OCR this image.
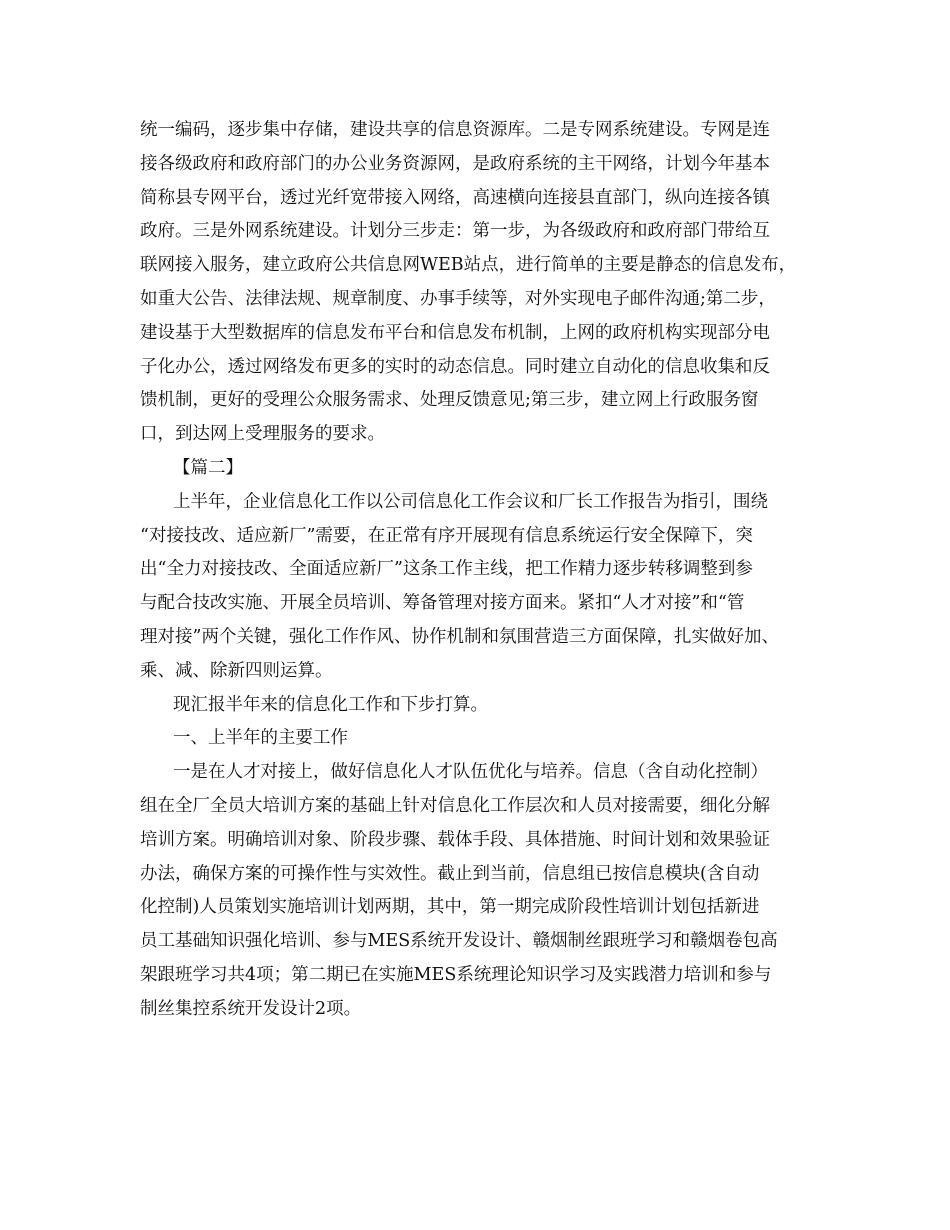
统一编码，逐步集中存储，建设共享的信息资源库。二是专网系统建设。专网是连
接各级政府和政府部门的办公业务资源网，是政府系统的主干网络，计划今年基本
简称县专网平台，透过光纤宽带接入网络，高速横向连接县直部门，纵向连接各镇
政府。三是外网系统建设。计划分三步走：第一步，为各级政府和政府部门带给互
联网接入服务，建立政府公共信息网WEB站点，进行简单的主要是静态的信息发布，
如重大公告、法律法规、规章制度、办事手续等，对外实现电子邮件沟通;第二步，
建设基于大型数据库的信息发布平台和信息发布机制，上网的政府机构实现部分电
子化办公，透过网络发布更多的实时的动态信息。同时建立自动化的信息收集和反
馈机制，更好的受理公众服务需求、处理反馈意见;第三步，建立网上行政服务窗
口，到达网上受理服务的要求。
【篇二】
上半年，企业信息化工作以公司信息化工作会议和厂长工作报告为指引，围绕
“对接技改、适应新厂”需要，在正常有序开展现有信息系统运行安全保障下，突
出“全力对接技改、全面适应新厂”这条工作主线，把工作精力逐步转移调整到参
与配合技改实施、开展全员培训、筹备管理对接方面来。紧扣“人才对接”和“管
理对接”两个关键，强化工作作风、协作机制和氛围营造三方面保障，扎实做好加、
乘、减、除新四则运算。
现汇报半年来的信息化工作和下步打算。
一、上半年的主要工作
一是在人才对接上，做好信息化人才队伍优化与培养。信息（含自动化控制）
组在全厂全员大培训方案的基础上针对信息化工作层次和人员对接需要，细化分解
培训方案。明确培训对象、阶段步骤、载体手段、具体措施、时间计划和效果验证
办法，确保方案的可操作性与实效性。截止到当前，信息组已按信息模块(含自动
化控制)人员策划实施培训计划两期，其中，第一期完成阶段性培训计划包括新进
员工基础知识强化培训、参与MES系统开发设计、赣烟制丝跟班学习和赣烟卷包高
架跟班学习共4项；第二期已在实施MES系统理论知识学习及实践潜力培训和参与
制丝集控系统开发设计2项。
